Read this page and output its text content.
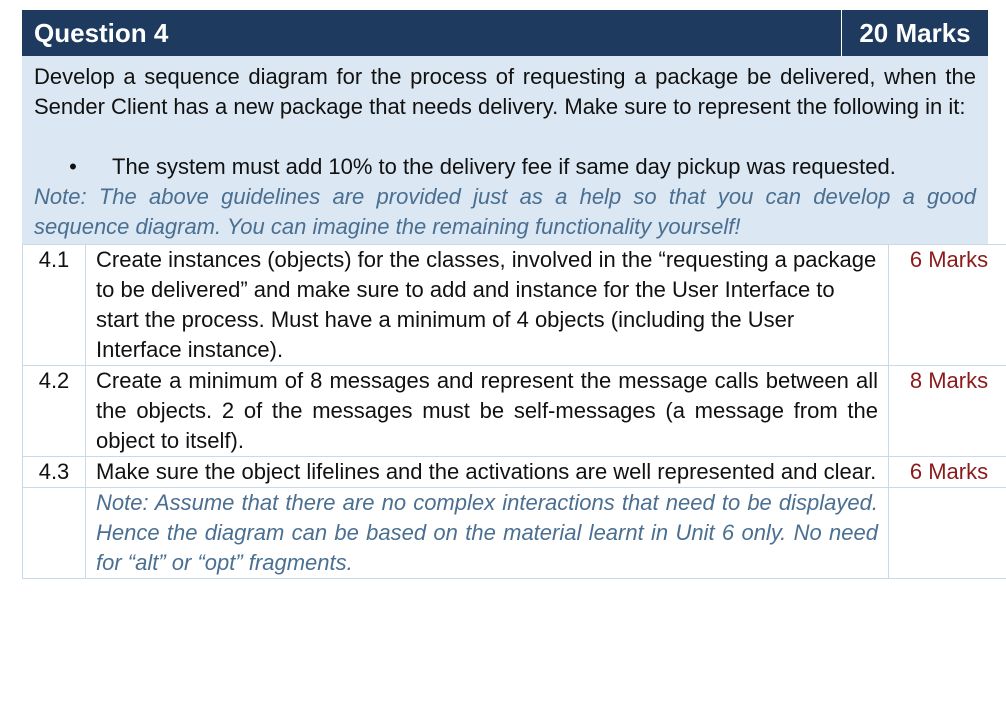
Question 4	20 Marks

Develop a sequence diagram for the process of requesting a package be delivered, when the Sender Client has a new package that needs delivery. Make sure to represent the following in it:

•	The system must add 10% to the delivery fee if same day pickup was requested.

Note: The above guidelines are provided just as a help so that you can develop a good sequence diagram. You can imagine the remaining functionality yourself!

4.1	Create instances (objects) for the classes, involved in the “requesting a package to be delivered” and make sure to add and instance for the User Interface to start the process. Must have a minimum of 4 objects (including the User Interface instance).	6 Marks
4.2	Create a minimum of 8 messages and represent the message calls between all the objects. 2 of the messages must be self-messages (a message from the object to itself).	8 Marks
4.3	Make sure the object lifelines and the activations are well represented and clear.	6 Marks
	Note: Assume that there are no complex interactions that need to be displayed. Hence the diagram can be based on the material learnt in Unit 6 only. No need for “alt” or “opt” fragments.	
